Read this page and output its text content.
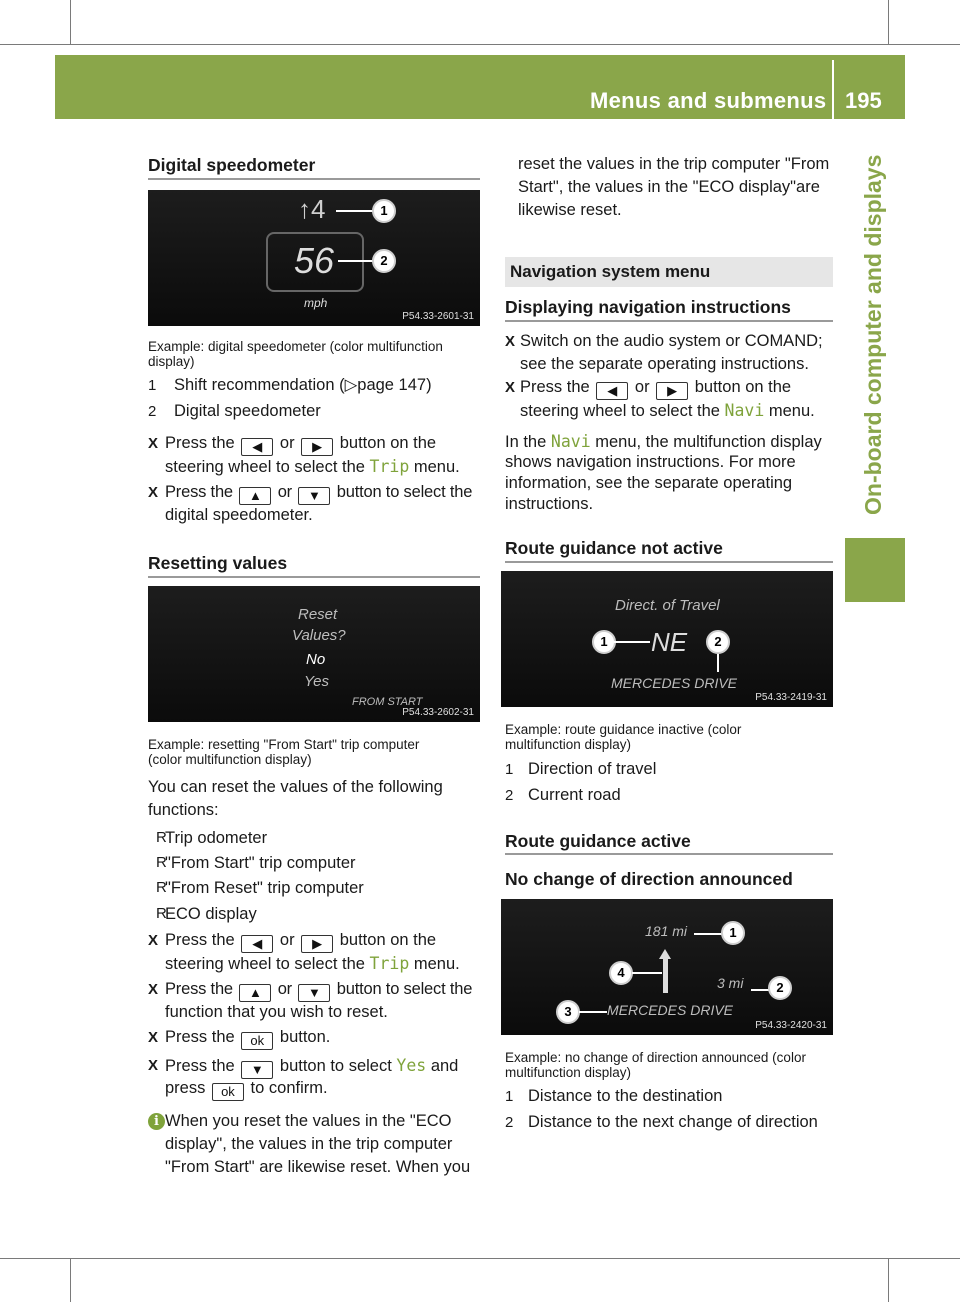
Menus and submenus 195
On-board computer and displays
Digital speedometer
↑4
56
mph
1
2
P54.33-2601-31
Example: digital speedometer (color multifunction display)
1 Shift recommendation (▷page 147)
2 Digital speedometer
X Press the ◀ or ▶ button on the
steering wheel to select the Trip menu.
X Press the ▲ or ▼ button to select the
digital speedometer.
Resetting values
Reset
Values?
No
Yes
FROM START
P54.33-2602-31
Example: resetting "From Start" trip computer
(color multifunction display)
You can reset the values of the following
functions:
R
Trip odometer
R
"From Start" trip computer
R
"From Reset" trip computer
R
ECO display
X Press the ◀ or ▶ button on the
steering wheel to select the Trip menu.
X Press the ▲ or ▼ button to select the
function that you wish to reset.
X Press the ok button.
X Press the ▼ button to select Yes and
press ok to confirm.
i When you reset the values in the "ECO
display", the values in the trip computer
"From Start" are likewise reset. When you
reset the values in the trip computer "From
Start", the values in the "ECO display"are
likewise reset.
Navigation system menu
Displaying navigation instructions
X Switch on the audio system or COMAND;
see the separate operating instructions.
X Press the ◀ or ▶ button on the
steering wheel to select the Navi menu.
In the Navi menu, the multifunction display
shows navigation instructions. For more
information, see the separate operating
instructions.
Route guidance not active
Direct. of Travel
1	NE	2
MERCEDES DRIVE
P54.33-2419-31
Example: route guidance inactive (color
multifunction display)
1 Direction of travel
2 Current road
Route guidance active
No change of direction announced
181 mi	1
4
3 mi	2
3	MERCEDES DRIVE
P54.33-2420-31
Example: no change of direction announced (color
multifunction display)
1 Distance to the destination
2 Distance to the next change of direction
